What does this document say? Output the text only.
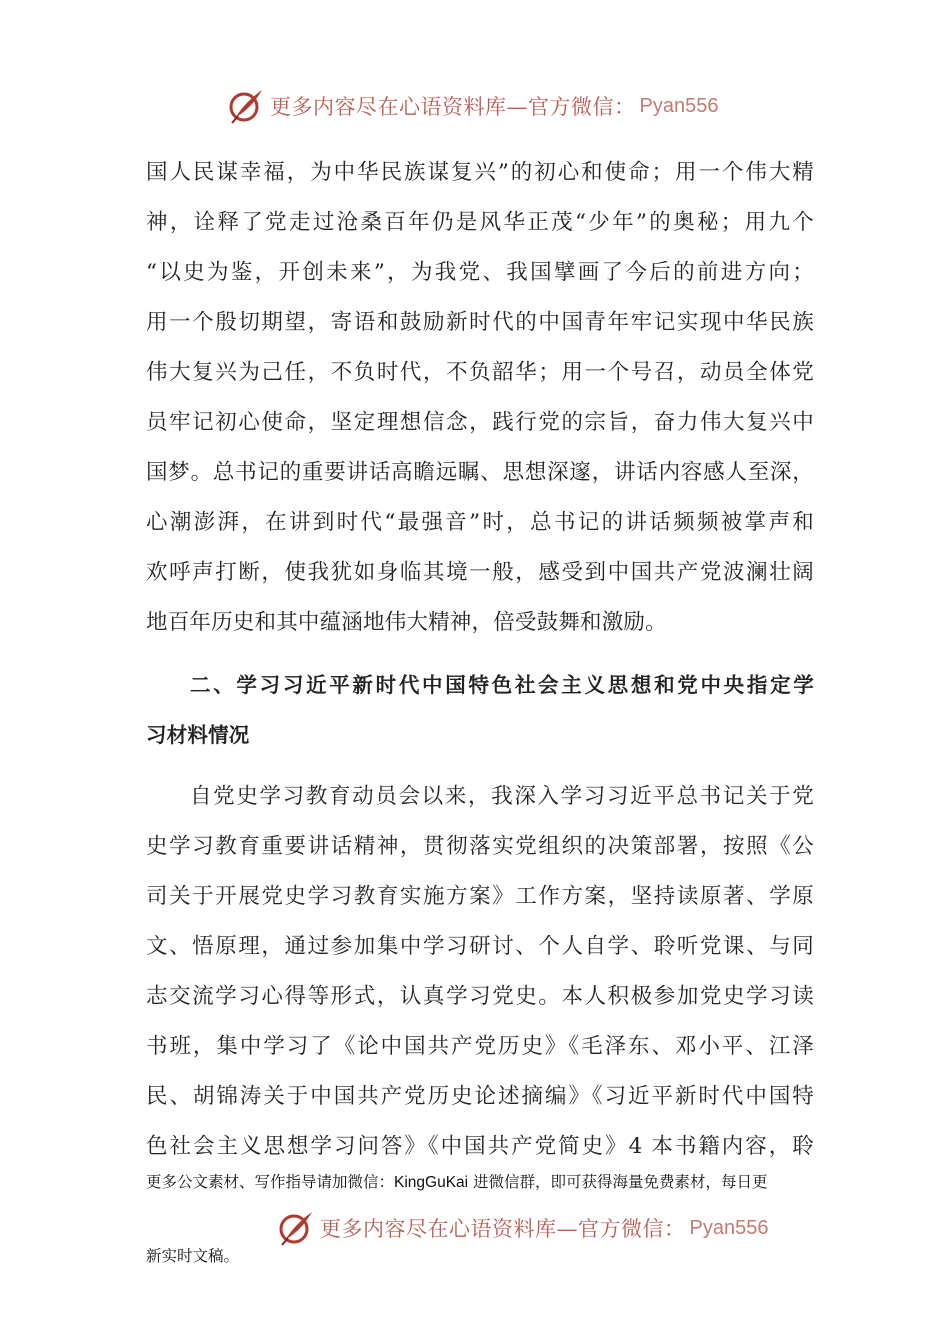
更多内容尽在心语资料库—官方微信： Pyan556
国人民谋幸福，为中华民族谋复兴”的初心和使命；用一个伟大精
神，诠释了党走过沧桑百年仍是风华正茂“少年”的奥秘；用九个
“以史为鉴，开创未来”，为我党、我国擘画了今后的前进方向；
用一个殷切期望，寄语和鼓励新时代的中国青年牢记实现中华民族
伟大复兴为己任，不负时代，不负韶华；用一个号召，动员全体党
员牢记初心使命，坚定理想信念，践行党的宗旨，奋力伟大复兴中
国梦。总书记的重要讲话高瞻远瞩、思想深邃，讲话内容感人至深，
心潮澎湃，在讲到时代“最强音”时，总书记的讲话频频被掌声和
欢呼声打断，使我犹如身临其境一般，感受到中国共产党波澜壮阔
地百年历史和其中蕴涵地伟大精神，倍受鼓舞和激励。
二、学习习近平新时代中国特色社会主义思想和党中央指定学
习材料情况
自党史学习教育动员会以来，我深入学习习近平总书记关于党
史学习教育重要讲话精神，贯彻落实党组织的决策部署，按照《公
司关于开展党史学习教育实施方案》工作方案，坚持读原著、学原
文、悟原理，通过参加集中学习研讨、个人自学、聆听党课、与同
志交流学习心得等形式，认真学习党史。本人积极参加党史学习读
书班，集中学习了《论中国共产党历史》《毛泽东、邓小平、江泽
民、胡锦涛关于中国共产党历史论述摘编》《习近平新时代中国特
色社会主义思想学习问答》《中国共产党简史》4 本书籍内容，聆
更多公文素材、写作指导请加微信：KingGuKai 进微信群，即可获得海量免费素材，每日更
更多内容尽在心语资料库—官方微信： Pyan556
新实时文稿。
